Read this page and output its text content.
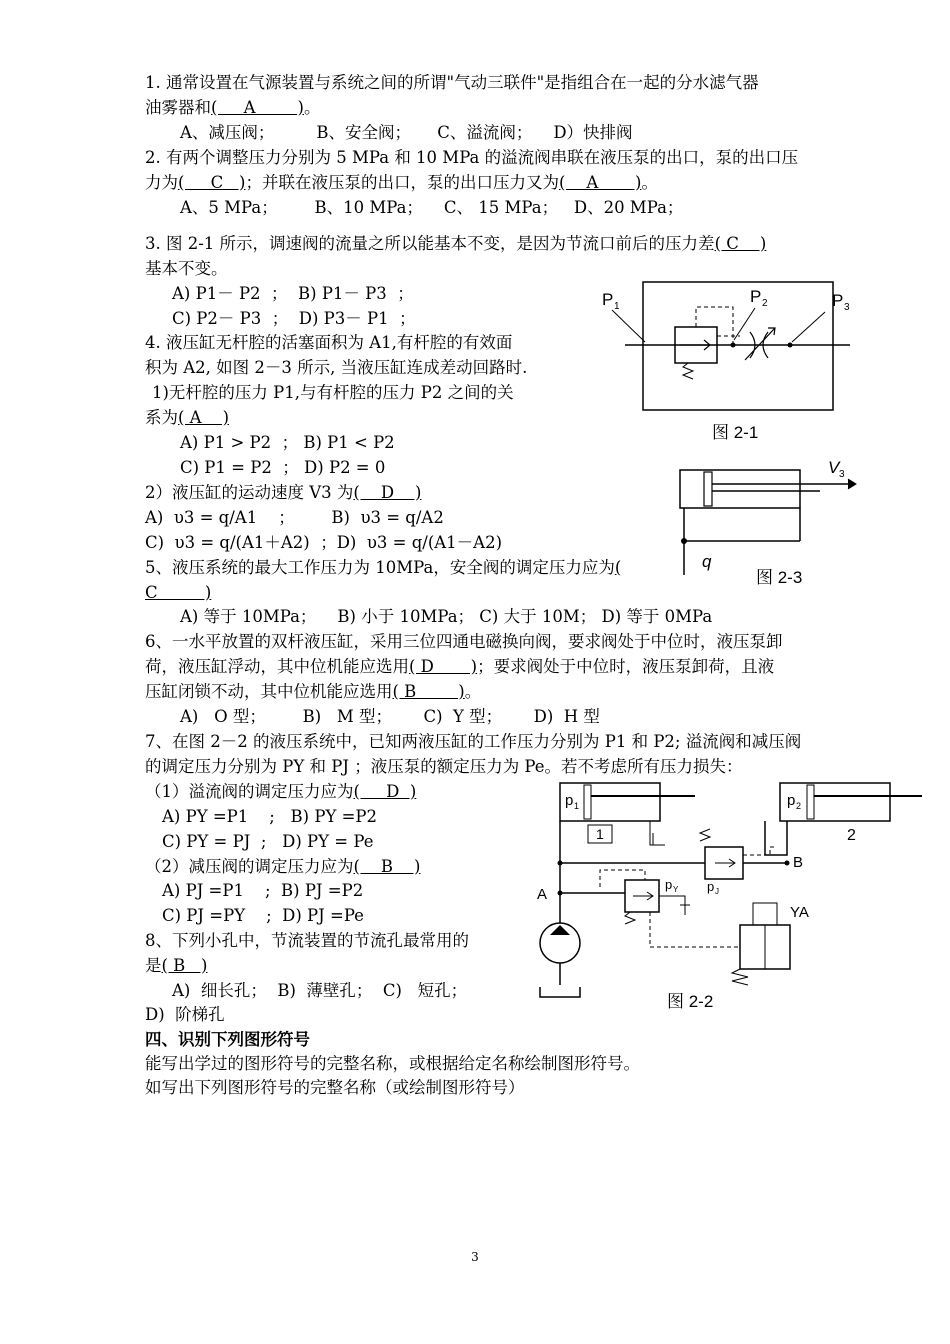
1. 通常设置在气源装置与系统之间的所谓"气动三联件"是指组合在一起的分水滤气器
油雾器和(     A        )。
A、减压阀；        B、安全阀；     C、溢流阀；    D）快排阀
2. 有两个调整压力分别为 5 MPa 和 10 MPa 的溢流阀串联在液压泵的出口，泵的出口压
力为(     C   )；并联在液压泵的出口，泵的出口压力又为(    A       )。
A、5 MPa；       B、10 MPa；    C、 15 MPa；   D、20 MPa；
3. 图 2-1 所示，调速阀的流量之所以能基本不变，是因为节流口前后的压力差( C    )
基本不变。
A) P1－ P2  ；  B) P1－ P3  ；
C) P2－ P3  ；  D) P3－ P1  ；
4. 液压缸无杆腔的活塞面积为 A1,有杆腔的有效面
积为 A2, 如图 2－3 所示, 当液压缸连成差动回路时.
1)无杆腔的压力 P1,与有杆腔的压力 P2 之间的关
系为( A    )
A) P1 > P2  ； B) P1 < P2
C) P1 = P2  ； D) P2 = 0
2）液压缸的运动速度 V3 为(    D    )
A)  υ3 = q/A1    ；       B)  υ3 = q/A2
C)  υ3 = q/(A1＋A2)  ；D)  υ3 = q/(A1－A2)
5、液压系统的最大工作压力为 10MPa，安全阀的调定压力应为(
C         )
A) 等于 10MPa；    B) 小于 10MPa； C) 大于 10M； D) 等于 0MPa
6、一水平放置的双杆液压缸，采用三位四通电磁换向阀，要求阀处于中位时，液压泵卸
荷，液压缸浮动，其中位机能应选用( D       )；要求阀处于中位时，液压泵卸荷，且液
压缸闭锁不动，其中位机能应选用( B        )。
A)   O 型；       B)   M 型；      C)  Y 型；      D)  H 型
7、在图 2－2 的液压系统中，已知两液压缸的工作压力分别为 P1 和 P2; 溢流阀和减压阀
的调定压力分别为 PY 和 PJ ；液压泵的额定压力为 Pe。若不考虑所有压力损失：
（1）溢流阀的调定压力应为(     D  )
A) PY =P1    ;   B) PY =P2
C) PY = PJ  ;   D) PY = Pe
（2）减压阀的调定压力应为(    B    )
A) PJ =P1    ;  B) PJ =P2
C) PJ =PY    ;  D) PJ =Pe
8、下列小孔中，节流装置的节流孔最常用的
是( B   )
A)  细长孔；  B)  薄壁孔；  C)   短孔；
D)  阶梯孔
四、识别下列图形符号
能写出学过的图形符号的完整名称，或根据给定名称绘制图形符号。
如写出下列图形符号的完整名称（或绘制图形符号）
P 1
P 2	P 3
图 2-1
V 3
q
图 2-3
p 1
1
p 2
2
A
B
p J
p Y
YA
图 2-2
3
